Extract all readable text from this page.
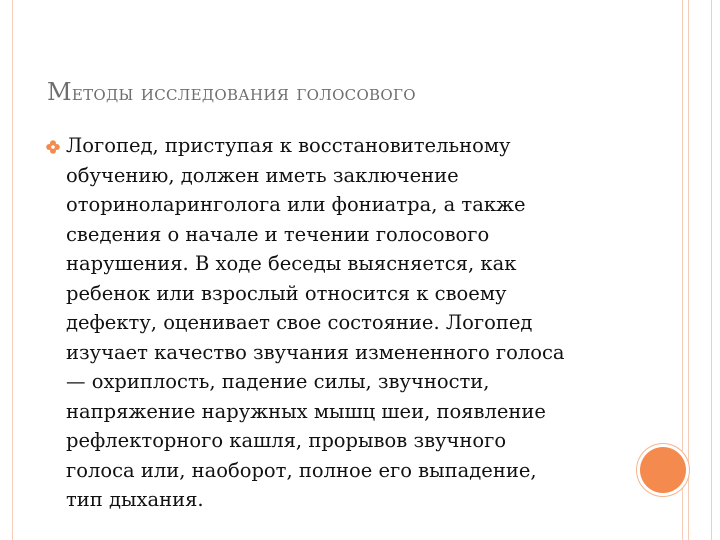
Методы исследования голосового
Логопед, приступая к восстановительному
обучению, должен иметь заключение
оториноларинголога или фониатра, а также
сведения о начале и течении голосового
нарушения. В ходе беседы выясняется, как
ребенок или взрослый относится к своему
дефекту, оценивает свое состояние. Логопед
изучает качество звучания измененного голоса
— охриплость, падение силы, звучности,
напряжение наружных мышц шеи, появление
рефлекторного кашля, прорывов звучного
голоса или, наоборот, полное его выпадение,
тип дыхания.
